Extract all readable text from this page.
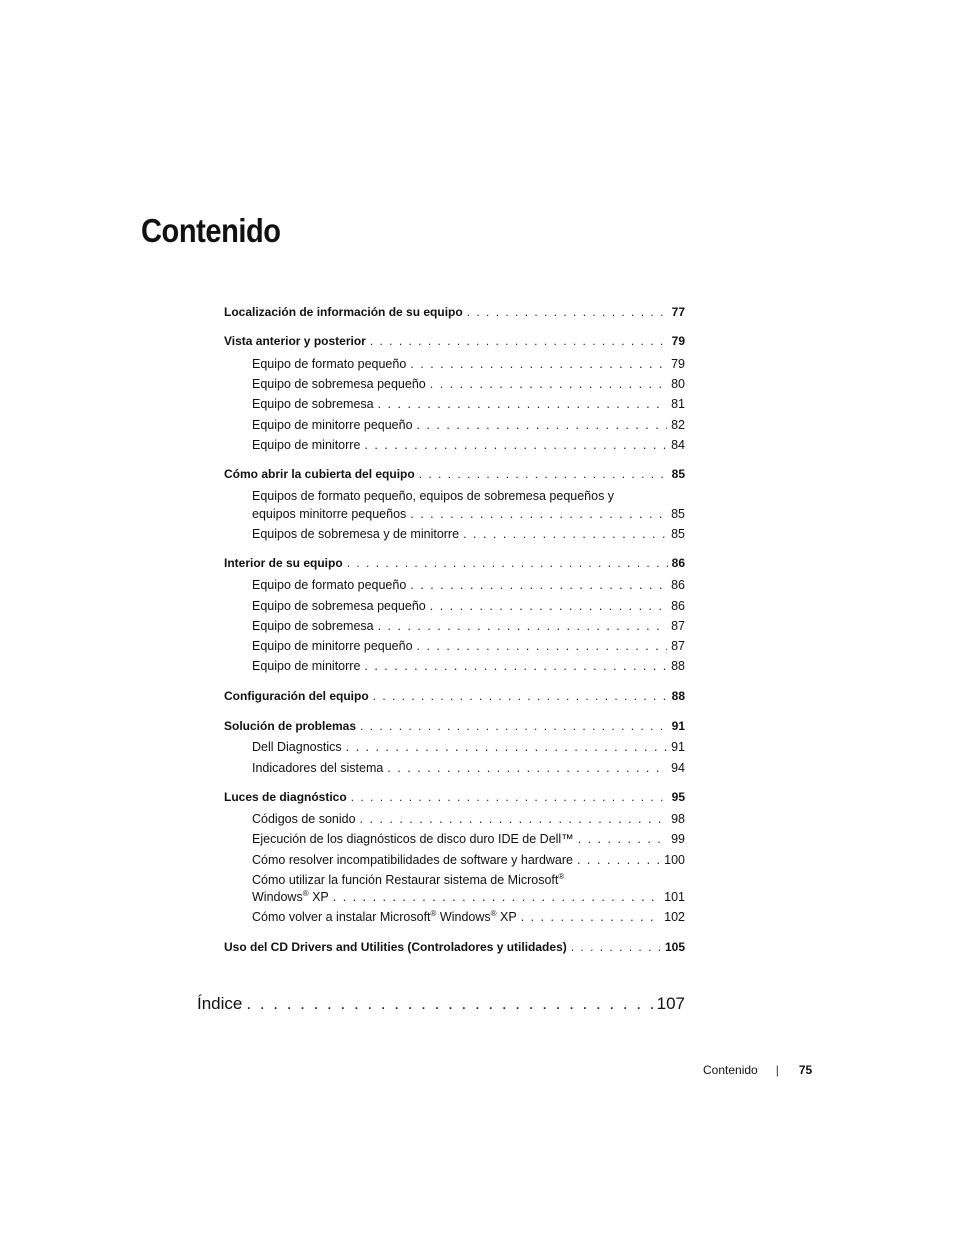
Contenido
Localización de información de su equipo . . .	77
Vista anterior y posterior . . .	79
Equipo de formato pequeño . . .	79
Equipo de sobremesa pequeño . . .	80
Equipo de sobremesa . . .	81
Equipo de minitorre pequeño . . .	82
Equipo de minitorre . . .	84
Cómo abrir la cubierta del equipo . . .	85
Equipos de formato pequeño, equipos de sobremesa pequeños y
equipos minitorre pequeños . . .	85
Equipos de sobremesa y de minitorre . . .	85
Interior de su equipo . . .	86
Equipo de formato pequeño . . .	86
Equipo de sobremesa pequeño . . .	86
Equipo de sobremesa . . .	87
Equipo de minitorre pequeño . . .	87
Equipo de minitorre . . .	88
Configuración del equipo . . .	88
Solución de problemas . . .	91
Dell Diagnostics . . .	91
Indicadores del sistema . . .	94
Luces de diagnóstico . . .	95
Códigos de sonido . . .	98
Ejecución de los diagnósticos de disco duro IDE de Dell™ . . .	99
Cómo resolver incompatibilidades de software y hardware . . .	100
Cómo utilizar la función Restaurar sistema de Microsoft®
Windows® XP . . .	101
Cómo volver a instalar Microsoft® Windows® XP . . .	102
Uso del CD Drivers and Utilities (Controladores y utilidades) . . .	105
Índice . . .	107
Contenido | 75
